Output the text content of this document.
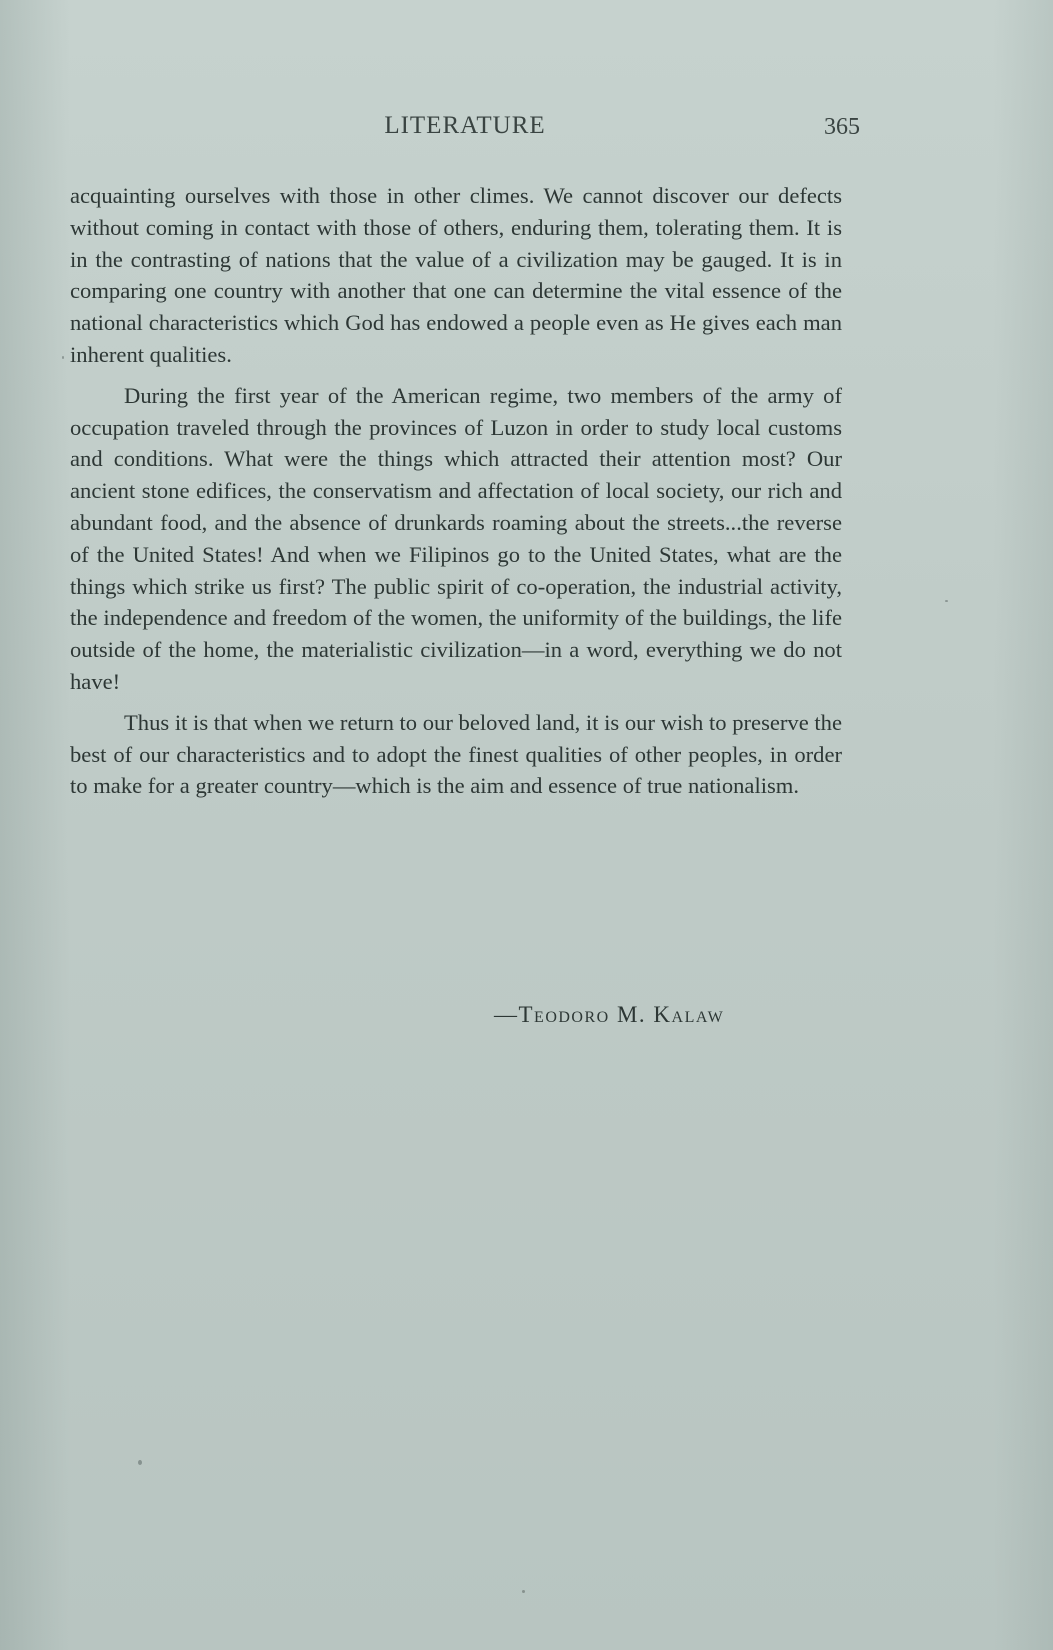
LITERATURE	365

acquainting ourselves with those in other climes. We cannot discover our defects without coming in contact with those of others, enduring them, tolerating them. It is in the contrasting of nations that the value of a civilization may be gauged. It is in comparing one country with another that one can determine the vital essence of the national characteristics which God has endowed a people even as He gives each man inherent qualities.

During the first year of the American regime, two members of the army of occupation traveled through the provinces of Luzon in order to study local customs and conditions. What were the things which attracted their attention most? Our ancient stone edifices, the conservatism and affectation of local society, our rich and abundant food, and the absence of drunkards roaming about the streets...the reverse of the United States! And when we Filipinos go to the United States, what are the things which strike us first? The public spirit of co-operation, the industrial activity, the independence and freedom of the women, the uniformity of the buildings, the life outside of the home, the materialistic civilization—in a word, everything we do not have!

Thus it is that when we return to our beloved land, it is our wish to preserve the best of our characteristics and to adopt the finest qualities of other peoples, in order to make for a greater country—which is the aim and essence of true nationalism.

—Teodoro M. Kalaw
